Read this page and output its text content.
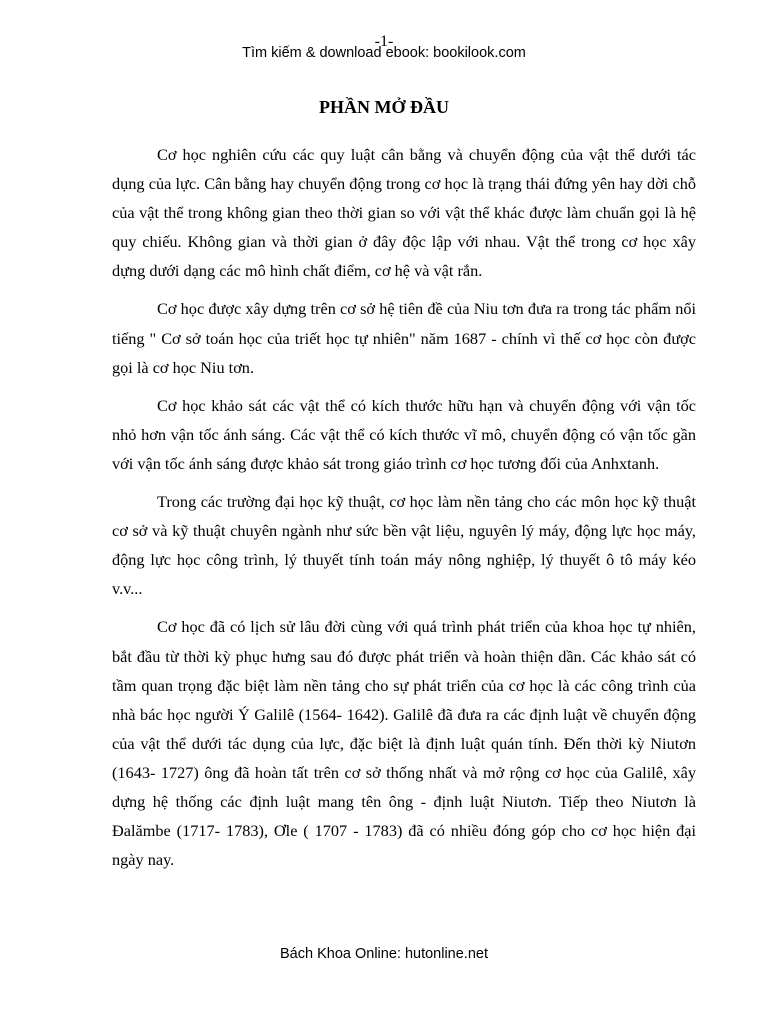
-1-
Tìm kiếm & download ebook: bookilook.com
PHẦN MỞ ĐẦU

Cơ học nghiên cứu các quy luật cân bằng và chuyển động của vật thể dưới tác dụng của lực. Cân bằng hay chuyển động trong cơ học là trạng thái đứng yên hay dời chỗ của vật thể trong không gian theo thời gian so với vật thể khác được làm chuẩn gọi là hệ quy chiếu. Không gian và thời gian ở đây độc lập với nhau. Vật thể trong cơ học xây dựng dưới dạng các mô hình chất điểm, cơ hệ và vật rắn.

Cơ học được xây dựng trên cơ sở hệ tiên đề của Niu tơn đưa ra trong tác phẩm nổi tiếng " Cơ sở toán học của triết học tự nhiên" năm 1687 - chính vì thế cơ học còn được gọi là cơ học Niu tơn.

Cơ học khảo sát các vật thể có kích thước hữu hạn và chuyển động với vận tốc nhỏ hơn vận tốc ánh sáng. Các vật thể có kích thước vĩ mô, chuyển động có vận tốc gần với vận tốc ánh sáng được khảo sát trong giáo trình cơ học tương đối của Anhxtanh.

Trong các trường đại học kỹ thuật, cơ học làm nền tảng cho các môn học kỹ thuật cơ sở và kỹ thuật chuyên ngành như sức bền vật liệu, nguyên lý máy, động lực học máy, động lực học công trình, lý thuyết tính toán máy nông nghiệp, lý thuyết ô tô máy kéo v.v...

Cơ học đã có lịch sử lâu đời cùng với quá trình phát triển của khoa học tự nhiên, bắt đầu từ thời kỳ phục hưng sau đó được phát triển và hoàn thiện dần. Các khảo sát có tầm quan trọng đặc biệt làm nền tảng cho sự phát triển của cơ học là các công trình của nhà bác học người Ý Galilê (1564- 1642). Galilê đã đưa ra các định luật về chuyển động của vật thể dưới tác dụng của lực, đặc biệt là định luật quán tính. Đến thời kỳ Niutơn (1643- 1727) ông đã hoàn tất trên cơ sở thống nhất và mở rộng cơ học của Galilê, xây dựng hệ thống các định luật mang tên ông - định luật Niutơn. Tiếp theo Niutơn là Đalămbe (1717- 1783), Ơle ( 1707 - 1783) đã có nhiều đóng góp cho cơ học hiện đại ngày nay.

Bách Khoa Online: hutonline.net
